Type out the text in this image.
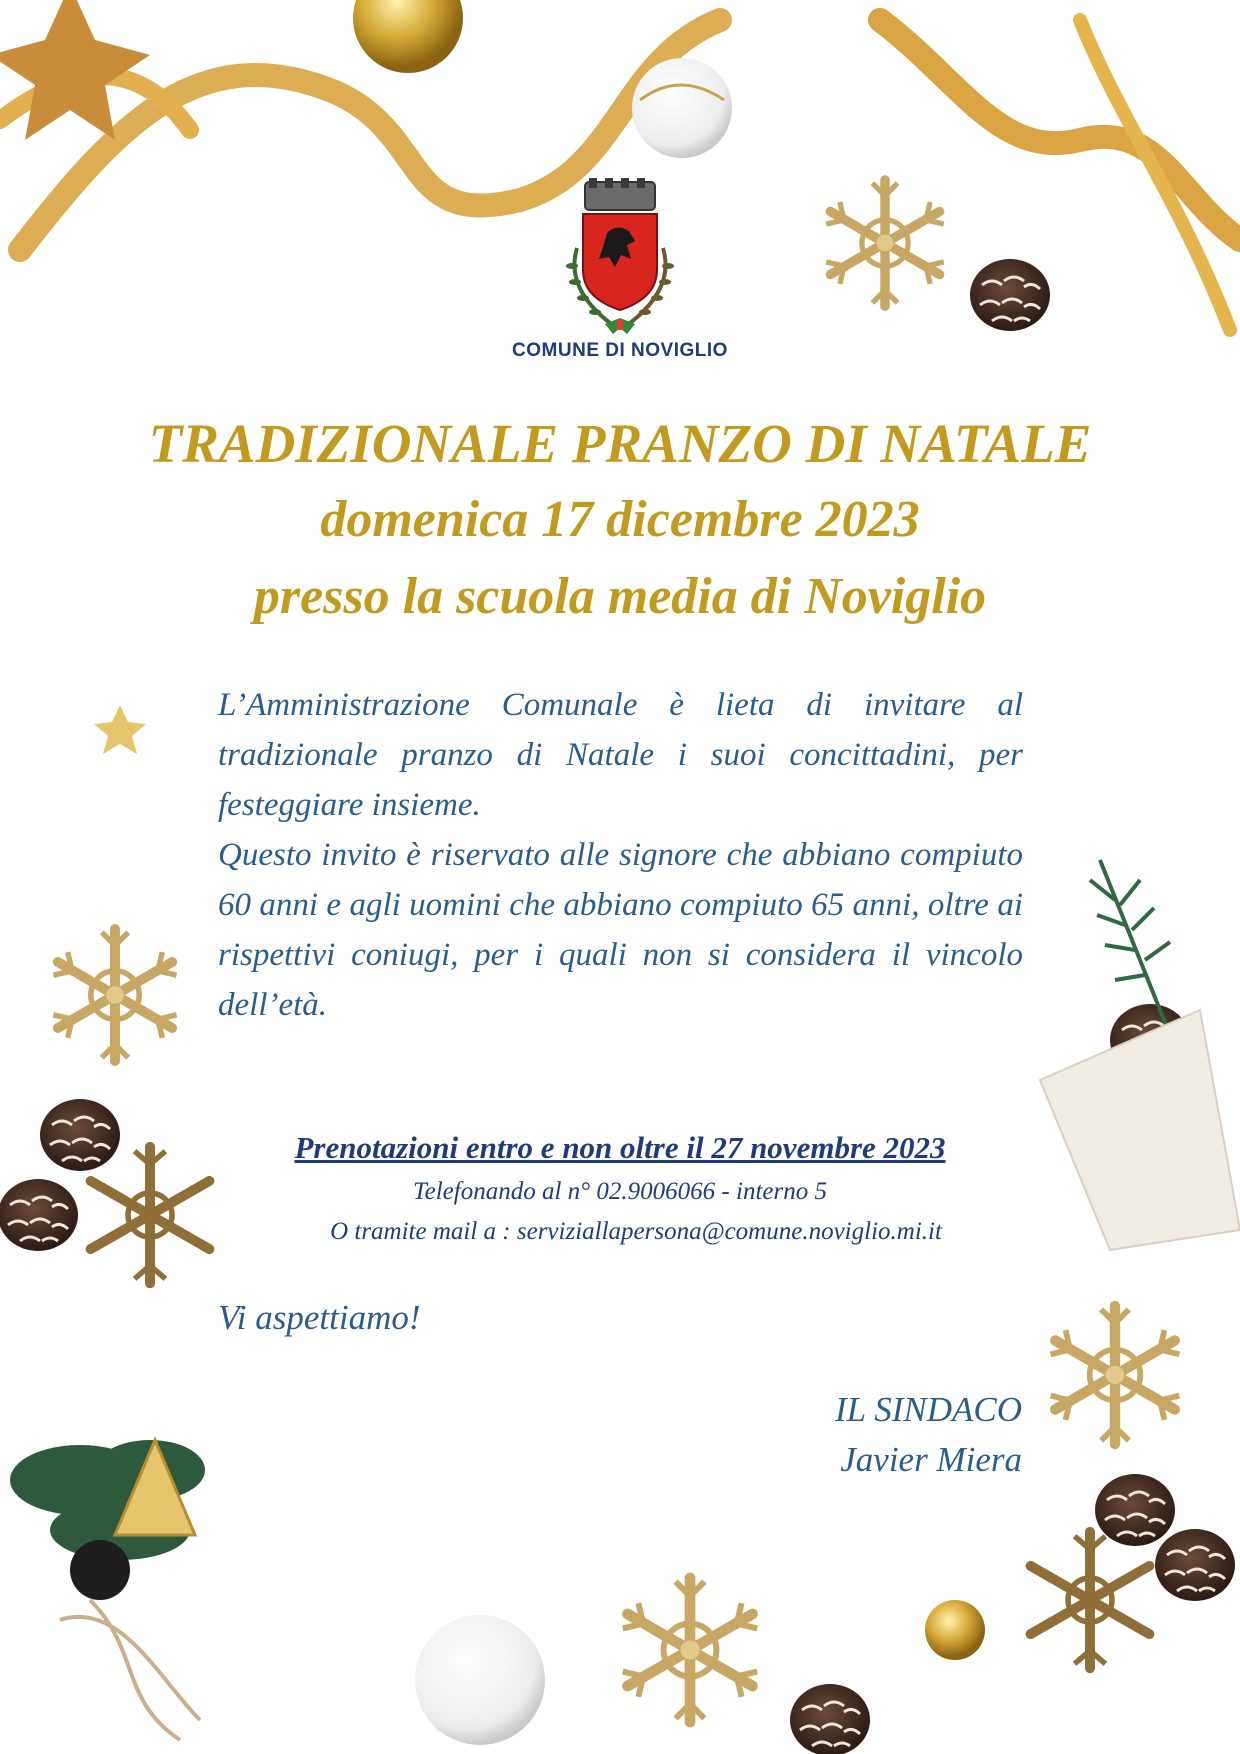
COMUNE DI NOVIGLIO
TRADIZIONALE PRANZO DI NATALE
domenica 17 dicembre 2023
presso la scuola media di Noviglio

L’Amministrazione Comunale è lieta di invitare al tradizionale pranzo di Natale i suoi concittadini, per festeggiare insieme.

Questo invito è riservato alle signore che abbiano compiuto 60 anni e agli uomini che abbiano compiuto 65 anni, oltre ai rispettivi coniugi, per i quali non si considera il vincolo dell’età.

Prenotazioni entro e non oltre il 27 novembre 2023
Telefonando al n° 02.9006066 - interno 5
O tramite mail a : serviziallapersona@comune.noviglio.mi.it
Vi aspettiamo!
IL SINDACO
Javier Miera
